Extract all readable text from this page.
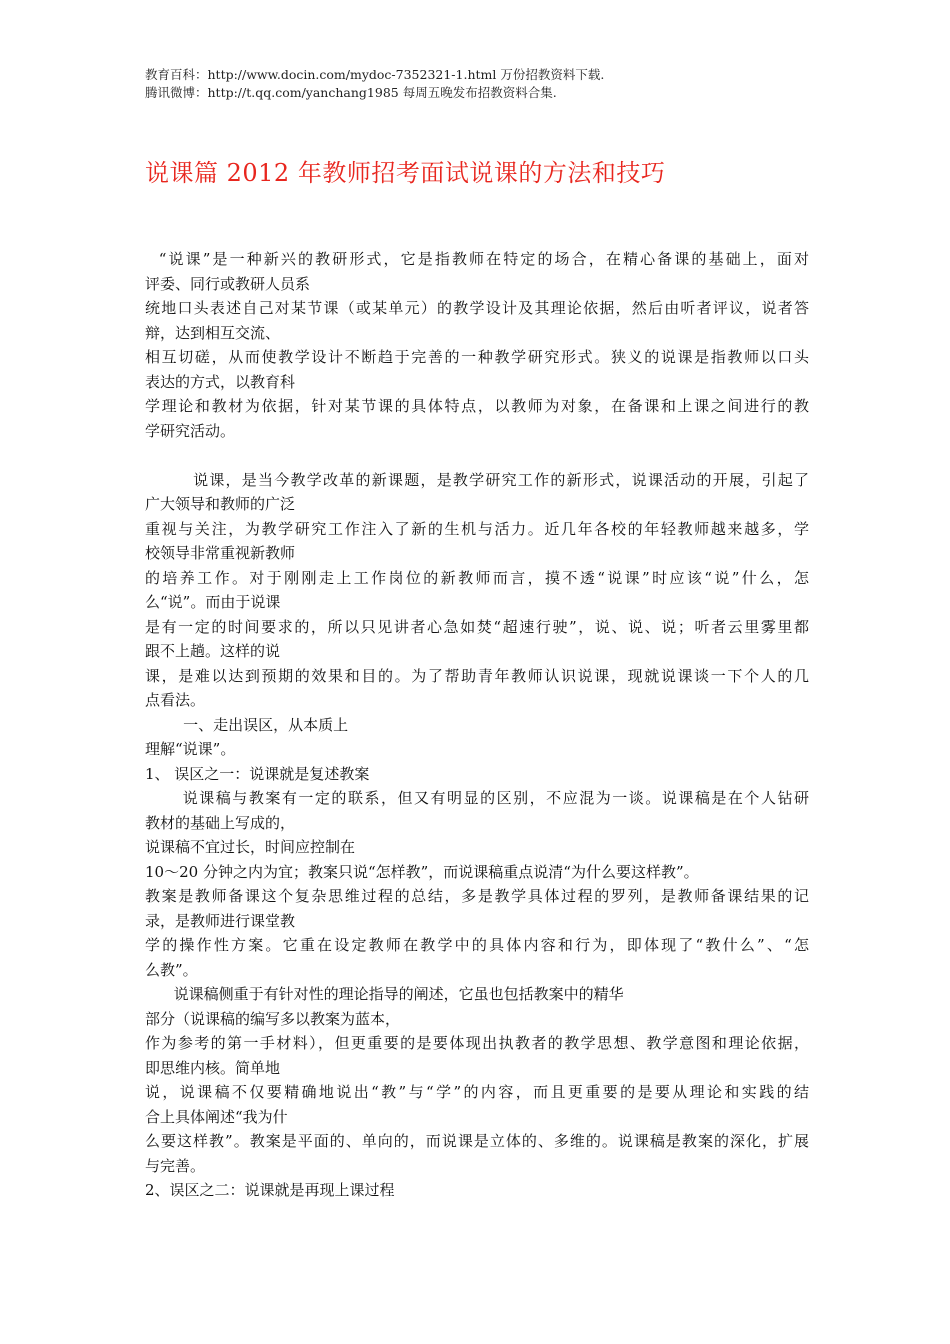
教育百科：http://www.docin.com/mydoc-7352321-1.html 万份招教资料下载.
腾讯微博：http://t.qq.com/yanchang1985 每周五晚发布招教资料合集.
说课篇 2012 年教师招考面试说课的方法和技巧
“说课”是一种新兴的教研形式，它是指教师在特定的场合，在精心备课的基础上，面对
评委、同行或教研人员系
统地口头表述自己对某节课（或某单元）的教学设计及其理论依据，然后由听者评议，说者答
辩，达到相互交流、
相互切磋，从而使教学设计不断趋于完善的一种教学研究形式。狭义的说课是指教师以口头
表达的方式，以教育科
学理论和教材为依据，针对某节课的具体特点，以教师为对象，在备课和上课之间进行的教
学研究活动。
说课，是当今教学改革的新课题，是教学研究工作的新形式，说课活动的开展，引起了
广大领导和教师的广泛
重视与关注，为教学研究工作注入了新的生机与活力。近几年各校的年轻教师越来越多，学
校领导非常重视新教师
的培养工作。对于刚刚走上工作岗位的新教师而言，摸不透“说课”时应该“说”什么，怎
么“说”。而由于说课
是有一定的时间要求的，所以只见讲者心急如焚“超速行驶”，说、说、说；听者云里雾里都
跟不上趟。这样的说
课，是难以达到预期的效果和目的。为了帮助青年教师认识说课，现就说课谈一下个人的几
点看法。
一、走出误区，从本质上
理解“说课”。
1、 误区之一：说课就是复述教案
说课稿与教案有一定的联系，但又有明显的区别，不应混为一谈。说课稿是在个人钻研
教材的基础上写成的，
说课稿不宜过长，时间应控制在
10～20 分钟之内为宜；教案只说“怎样教”，而说课稿重点说清“为什么要这样教”。
教案是教师备课这个复杂思维过程的总结，多是教学具体过程的罗列，是教师备课结果的记
录，是教师进行课堂教
学的操作性方案。它重在设定教师在教学中的具体内容和行为，即体现了“教什么”、“怎
么教”。
说课稿侧重于有针对性的理论指导的阐述，它虽也包括教案中的精华
部分（说课稿的编写多以教案为蓝本，
作为参考的第一手材料），但更重要的是要体现出执教者的教学思想、教学意图和理论依据，
即思维内核。简单地
说，说课稿不仅要精确地说出“教”与“学”的内容，而且更重要的是要从理论和实践的结
合上具体阐述“我为什
么要这样教”。教案是平面的、单向的，而说课是立体的、多维的。说课稿是教案的深化，扩展
与完善。
2、误区之二：说课就是再现上课过程
